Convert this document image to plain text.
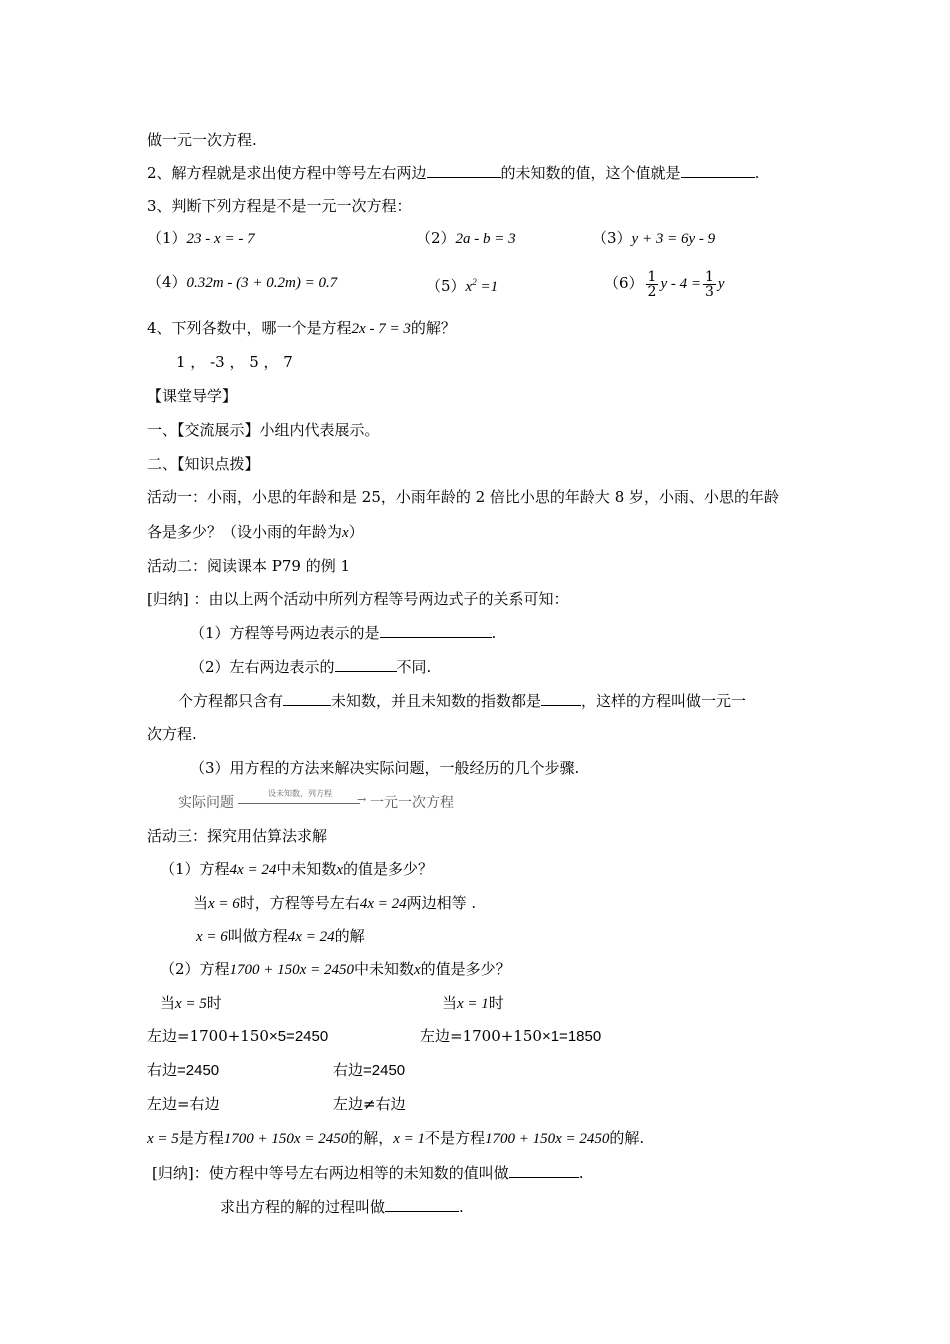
做一元一次方程.
2、解方程就是求出使方程中等号左右两边	的未知数的值，这个值就是	.
3、判断下列方程是不是一元一次方程：
（1）23 - x = - 7	（2）2a - b = 3	（3）y + 3 = 6y - 9
（4）0.32m - (3 + 0.2m) = 0.7	$(5)x^2 =1$	$(6) \frac{1}{2}$ $y - 4 = \frac{1}{3}$ y
4、下列各数中，哪一个是方程2x - 7 = 3的解？
1 ， -3 ， 5 ， 7
【课堂导学】
一、【交流展示】小组内代表展示。
二、【知识点拨】
活动一：小雨，小思的年龄和是 25，小雨年龄的 2 倍比小思的年龄大 8 岁，小雨、小思的年龄
各是多少？（设小雨的年龄为x）
活动二：阅读课本 P79 的例 1
[归纳] ：由以上两个活动中所列方程等号两边式子的关系可知：
（1）方程等号两边表示的是	.
（2）左右两边表示的	不同.
个方程都只含有	未知数，并且未知数的指数都是	，这样的方程叫做一元一
次方程.
（3）用方程的方法来解决实际问题，一般经历的几个步骤.
实际问题
设未知数，列方程 → 一元一次方程
活动三：探究用估算法求解
（1）方程4x = 24中未知数x的值是多少？
当x = 6时，方程等号左右4x = 24两边相等 .
x = 6叫做方程4x = 24的解
（2）方程1700 + 150x = 2450中未知数x的值是多少？
当x = 5时	当x = 1时
左边=1700+150×5=2450	左边=1700+150×1=1850
右边=2450	右边=2450
左边=右边	左边≠右边
x = 5是方程1700 + 150x = 2450的解，x = 1不是方程1700 + 150x = 2450的解.
[归纳]：使方程中等号左右两边相等的未知数的值叫做	.
求出方程的解的过程叫做	.
